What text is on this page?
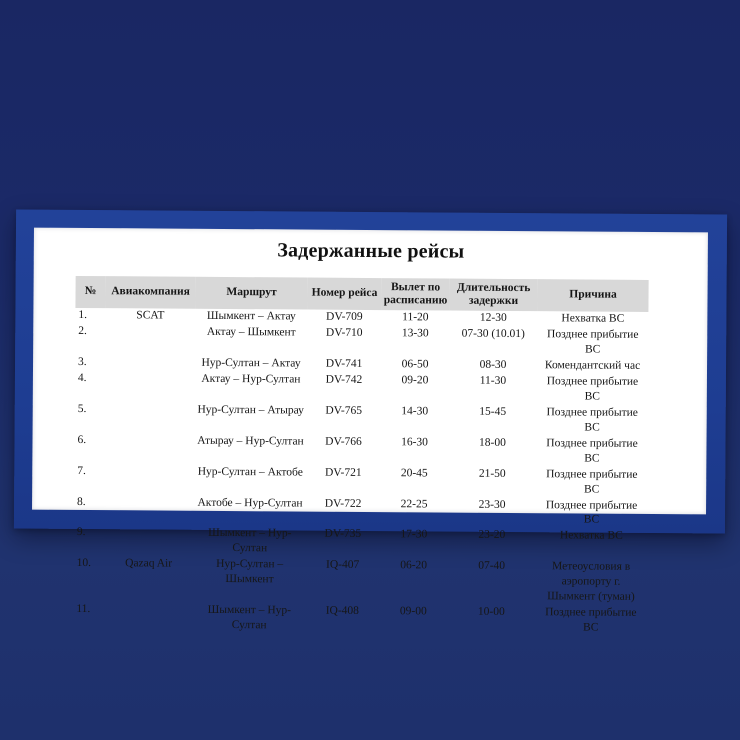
Задержанные рейсы
№	Авиакомпания	Маршрут	Номер рейса	Вылет по расписанию	Длительность задержки	Причина
1.	SCAT	Шымкент – Актау	DV-709	11-20	12-30	Нехватка ВС
2.		Актау – Шымкент	DV-710	13-30	07-30 (10.01)	Позднее прибытие ВС
3.		Нур-Султан – Актау	DV-741	06-50	08-30	Комендантский час
4.		Актау – Нур-Султан	DV-742	09-20	11-30	Позднее прибытие ВС
5.		Нур-Султан – Атырау	DV-765	14-30	15-45	Позднее прибытие ВС
6.		Атырау – Нур-Султан	DV-766	16-30	18-00	Позднее прибытие ВС
7.		Нур-Султан – Актобе	DV-721	20-45	21-50	Позднее прибытие ВС
8.		Актобе – Нур-Султан	DV-722	22-25	23-30	Позднее прибытие ВС
9.		Шымкент – Нур-Султан	DV-735	17-30	23-20	Нехватка ВС
10.	Qazaq Air	Нур-Султан – Шымкент	IQ-407	06-20	07-40	Метеоусловия в аэропорту г. Шымкент (туман)
11.		Шымкент – Нур-Султан	IQ-408	09-00	10-00	Позднее прибытие ВС
